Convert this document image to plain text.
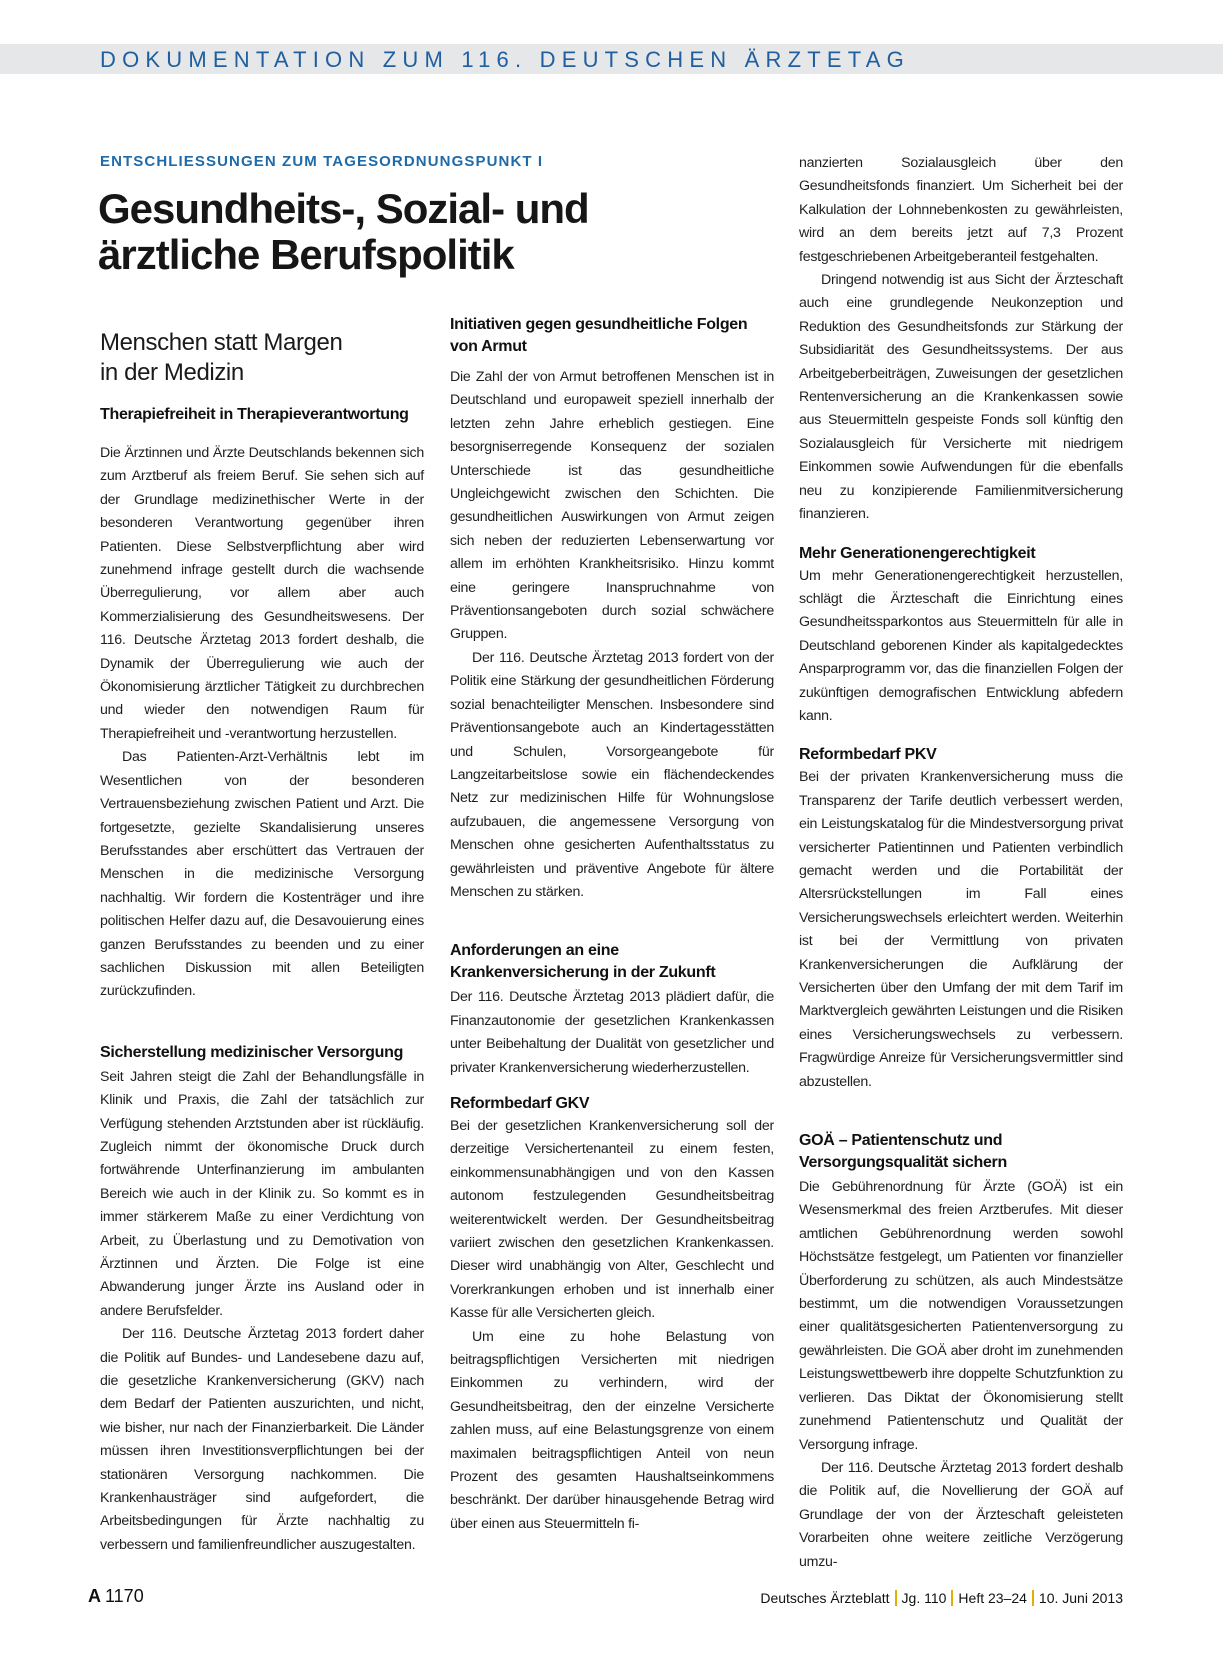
DOKUMENTATION ZUM 116. DEUTSCHEN ÄRZTETAG
ENTSCHLIESSUNGEN ZUM TAGESORDNUNGSPUNKT I
Gesundheits-, Sozial- und ärztliche Berufspolitik
Menschen statt Margen in der Medizin
Therapiefreiheit in Therapieverantwortung

Die Ärztinnen und Ärzte Deutschlands bekennen sich zum Arztberuf als freiem Beruf. Sie sehen sich auf der Grundlage medizinethischer Werte in der besonderen Verantwortung gegenüber ihren Patienten. Diese Selbstverpflichtung aber wird zunehmend infrage gestellt durch die wachsende Überregulierung, vor allem aber auch Kommerzialisierung des Gesundheitswesens. Der 116. Deutsche Ärztetag 2013 fordert deshalb, die Dynamik der Überregulierung wie auch der Ökonomisierung ärztlicher Tätigkeit zu durchbrechen und wieder den notwendigen Raum für Therapiefreiheit und -verantwortung herzustellen.

Das Patienten-Arzt-Verhältnis lebt im Wesentlichen von der besonderen Vertrauensbeziehung zwischen Patient und Arzt. Die fortgesetzte, gezielte Skandalisierung unseres Berufsstandes aber erschüttert das Vertrauen der Menschen in die medizinische Versorgung nachhaltig. Wir fordern die Kostenträger und ihre politischen Helfer dazu auf, die Desavouierung eines ganzen Berufsstandes zu beenden und zu einer sachlichen Diskussion mit allen Beteiligten zurückzufinden.

Sicherstellung medizinischer Versorgung

Seit Jahren steigt die Zahl der Behandlungsfälle in Klinik und Praxis, die Zahl der tatsächlich zur Verfügung stehenden Arztstunden aber ist rückläufig. Zugleich nimmt der ökonomische Druck durch fortwährende Unterfinanzierung im ambulanten Bereich wie auch in der Klinik zu. So kommt es in immer stärkerem Maße zu einer Verdichtung von Arbeit, zu Überlastung und zu Demotivation von Ärztinnen und Ärzten. Die Folge ist eine Abwanderung junger Ärzte ins Ausland oder in andere Berufsfelder.

Der 116. Deutsche Ärztetag 2013 fordert daher die Politik auf Bundes- und Landesebene dazu auf, die gesetzliche Krankenversicherung (GKV) nach dem Bedarf der Patienten auszurichten, und nicht, wie bisher, nur nach der Finanzierbarkeit. Die Länder müssen ihren Investitionsverpflichtungen bei der stationären Versorgung nachkommen. Die Krankenhausträger sind aufgefordert, die Arbeitsbedingungen für Ärzte nachhaltig zu verbessern und familienfreundlicher auszugestalten.

Initiativen gegen gesundheitliche Folgen von Armut

Die Zahl der von Armut betroffenen Menschen ist in Deutschland und europaweit speziell innerhalb der letzten zehn Jahre erheblich gestiegen. Eine besorgniserregende Konsequenz der sozialen Unterschiede ist das gesundheitliche Ungleichgewicht zwischen den Schichten. Die gesundheitlichen Auswirkungen von Armut zeigen sich neben der reduzierten Lebenserwartung vor allem im erhöhten Krankheitsrisiko. Hinzu kommt eine geringere Inanspruchnahme von Präventionsangeboten durch sozial schwächere Gruppen.

Der 116. Deutsche Ärztetag 2013 fordert von der Politik eine Stärkung der gesundheitlichen Förderung sozial benachteiligter Menschen. Insbesondere sind Präventionsangebote auch an Kindertagesstätten und Schulen, Vorsorgeangebote für Langzeitarbeitslose sowie ein flächendeckendes Netz zur medizinischen Hilfe für Wohnungslose aufzubauen, die angemessene Versorgung von Menschen ohne gesicherten Aufenthaltsstatus zu gewährleisten und präventive Angebote für ältere Menschen zu stärken.

Anforderungen an eine Krankenversicherung in der Zukunft

Der 116. Deutsche Ärztetag 2013 plädiert dafür, die Finanzautonomie der gesetzlichen Krankenkassen unter Beibehaltung der Dualität von gesetzlicher und privater Krankenversicherung wiederherzustellen.

Reformbedarf GKV

Bei der gesetzlichen Krankenversicherung soll der derzeitige Versichertenanteil zu einem festen, einkommensunabhängigen und von den Kassen autonom festzulegenden Gesundheitsbeitrag weiterentwickelt werden. Der Gesundheitsbeitrag variiert zwischen den gesetzlichen Krankenkassen. Dieser wird unabhängig von Alter, Geschlecht und Vorerkrankungen erhoben und ist innerhalb einer Kasse für alle Versicherten gleich.

Um eine zu hohe Belastung von beitragspflichtigen Versicherten mit niedrigen Einkommen zu verhindern, wird der Gesundheitsbeitrag, den der einzelne Versicherte zahlen muss, auf eine Belastungsgrenze von einem maximalen beitragspflichtigen Anteil von neun Prozent des gesamten Haushaltseinkommens beschränkt. Der darüber hinausgehende Betrag wird über einen aus Steuermitteln fi-

nanzierten Sozialausgleich über den Gesundheitsfonds finanziert. Um Sicherheit bei der Kalkulation der Lohnnebenkosten zu gewährleisten, wird an dem bereits jetzt auf 7,3 Prozent festgeschriebenen Arbeitgeberanteil festgehalten.

Dringend notwendig ist aus Sicht der Ärzteschaft auch eine grundlegende Neukonzeption und Reduktion des Gesundheitsfonds zur Stärkung der Subsidiarität des Gesundheitssystems. Der aus Arbeitgeberbeiträgen, Zuweisungen der gesetzlichen Rentenversicherung an die Krankenkassen sowie aus Steuermitteln gespeiste Fonds soll künftig den Sozialausgleich für Versicherte mit niedrigem Einkommen sowie Aufwendungen für die ebenfalls neu zu konzipierende Familienmitversicherung finanzieren.

Mehr Generationengerechtigkeit

Um mehr Generationengerechtigkeit herzustellen, schlägt die Ärzteschaft die Einrichtung eines Gesundheitssparkontos aus Steuermitteln für alle in Deutschland geborenen Kinder als kapitalgedecktes Ansparprogramm vor, das die finanziellen Folgen der zukünftigen demografischen Entwicklung abfedern kann.

Reformbedarf PKV

Bei der privaten Krankenversicherung muss die Transparenz der Tarife deutlich verbessert werden, ein Leistungskatalog für die Mindestversorgung privat versicherter Patientinnen und Patienten verbindlich gemacht werden und die Portabilität der Altersrückstellungen im Fall eines Versicherungswechsels erleichtert werden. Weiterhin ist bei der Vermittlung von privaten Krankenversicherungen die Aufklärung der Versicherten über den Umfang der mit dem Tarif im Marktvergleich gewährten Leistungen und die Risiken eines Versicherungswechsels zu verbessern. Fragwürdige Anreize für Versicherungsvermittler sind abzustellen.

GOÄ – Patientenschutz und Versorgungsqualität sichern

Die Gebührenordnung für Ärzte (GOÄ) ist ein Wesensmerkmal des freien Arztberufes. Mit dieser amtlichen Gebührenordnung werden sowohl Höchstsätze festgelegt, um Patienten vor finanzieller Überforderung zu schützen, als auch Mindestsätze bestimmt, um die notwendigen Voraussetzungen einer qualitätsgesicherten Patientenversorgung zu gewährleisten. Die GOÄ aber droht im zunehmenden Leistungswettbewerb ihre doppelte Schutzfunktion zu verlieren. Das Diktat der Ökonomisierung stellt zunehmend Patientenschutz und Qualität der Versorgung infrage.

Der 116. Deutsche Ärztetag 2013 fordert deshalb die Politik auf, die Novellierung der GOÄ auf Grundlage der von der Ärzteschaft geleisteten Vorarbeiten ohne weitere zeitliche Verzögerung umzu-

A 1170	Deutsches Ärzteblatt Jg. 110 Heft 23–24 10. Juni 2013
